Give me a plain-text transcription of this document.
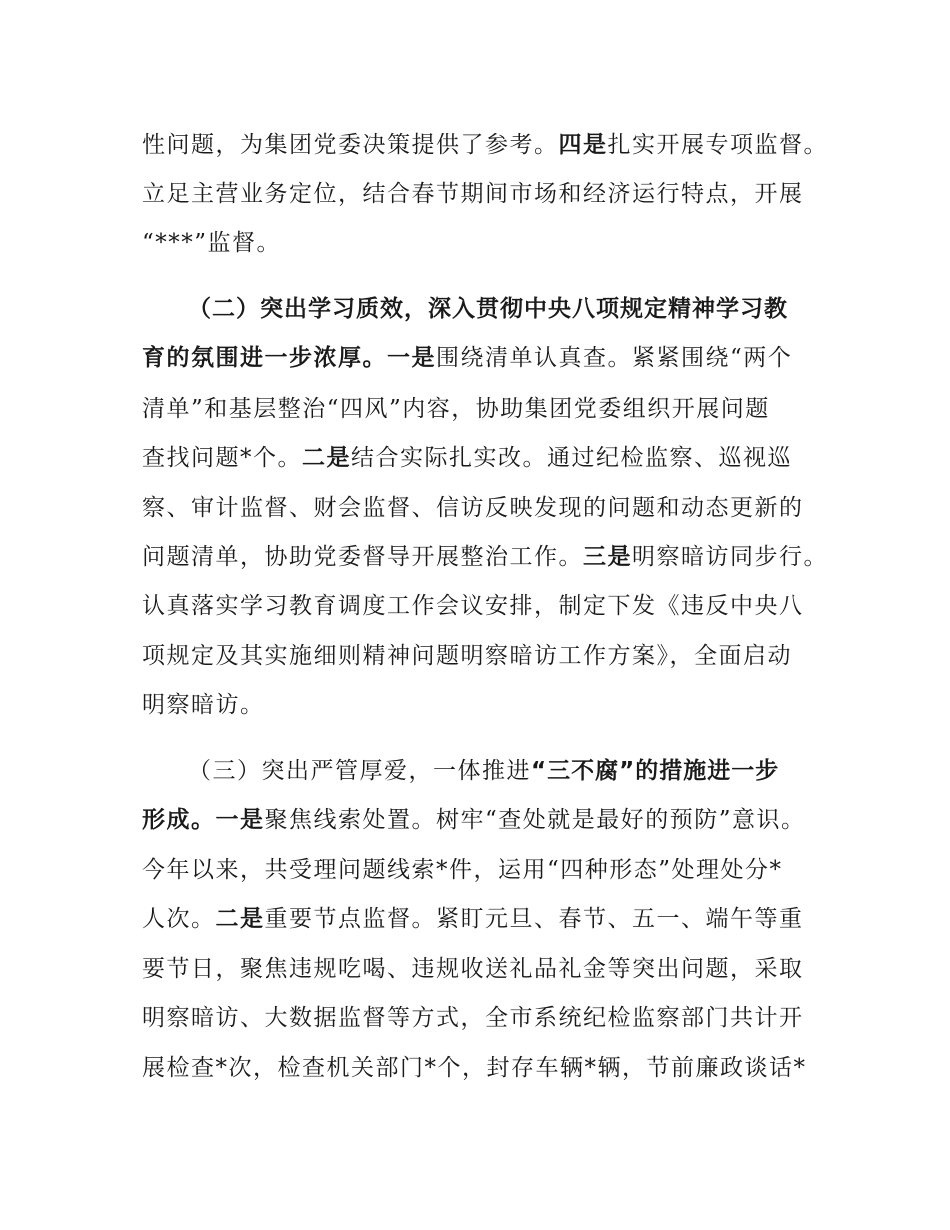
性问题，为集团党委决策提供了参考。四是扎实开展专项监督。
立足主营业务定位，结合春节期间市场和经济运行特点，开展
“***”监督。
（二）突出学习质效，深入贯彻中央八项规定精神学习教
育的氛围进一步浓厚。一是围绕清单认真查。紧紧围绕“两个
清单”和基层整治“四风”内容，协助集团党委组织开展问题
查找问题*个。二是结合实际扎实改。通过纪检监察、巡视巡
察、审计监督、财会监督、信访反映发现的问题和动态更新的
问题清单，协助党委督导开展整治工作。三是明察暗访同步行。
认真落实学习教育调度工作会议安排，制定下发《违反中央八
项规定及其实施细则精神问题明察暗访工作方案》，全面启动
明察暗访。
（三）突出严管厚爱，一体推进“三不腐”的措施进一步
形成。一是聚焦线索处置。树牢“查处就是最好的预防”意识。
今年以来，共受理问题线索*件，运用“四种形态”处理处分*
人次。二是重要节点监督。紧盯元旦、春节、五一、端午等重
要节日，聚焦违规吃喝、违规收送礼品礼金等突出问题，采取
明察暗访、大数据监督等方式，全市系统纪检监察部门共计开
展检查*次，检查机关部门*个，封存车辆*辆，节前廉政谈话*
